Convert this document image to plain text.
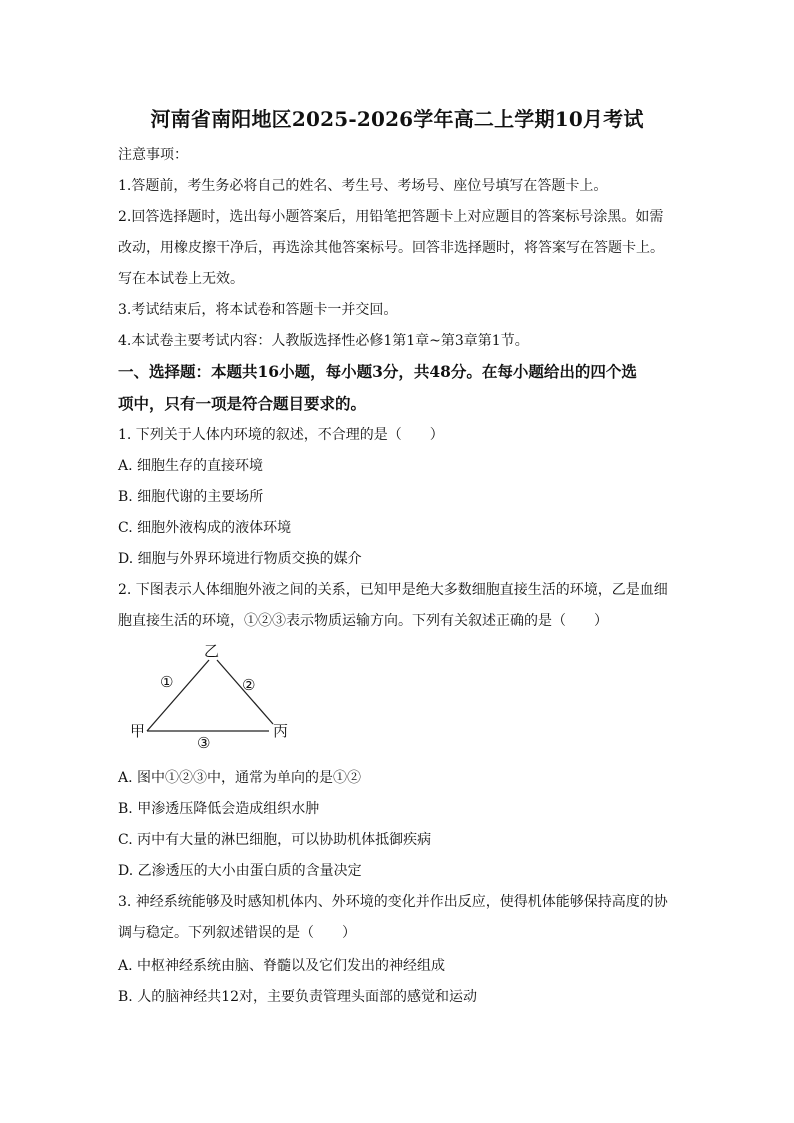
河南省南阳地区2025-2026学年高二上学期10月考试
注意事项：
1.答题前，考生务必将自己的姓名、考生号、考场号、座位号填写在答题卡上。
2.回答选择题时，选出每小题答案后，用铅笔把答题卡上对应题目的答案标号涂黑。如需
改动，用橡皮擦干净后，再选涂其他答案标号。回答非选择题时，将答案写在答题卡上。
写在本试卷上无效。
3.考试结束后，将本试卷和答题卡一并交回。
4.本试卷主要考试内容：人教版选择性必修1第1章~第3章第1节。
一、选择题：本题共16小题，每小题3分，共48分。在每小题给出的四个选
项中，只有一项是符合题目要求的。
1. 下列关于人体内环境的叙述，不合理的是（　　）
A. 细胞生存的直接环境
B. 细胞代谢的主要场所
C. 细胞外液构成的液体环境
D. 细胞与外界环境进行物质交换的媒介
2. 下图表示人体细胞外液之间的关系，已知甲是绝大多数细胞直接生活的环境，乙是血细
胞直接生活的环境，①②③表示物质运输方向。下列有关叙述正确的是（　　）
乙
甲	丙
①	②
③
A. 图中①②③中，通常为单向的是①②
B. 甲渗透压降低会造成组织水肿
C. 丙中有大量的淋巴细胞，可以协助机体抵御疾病
D. 乙渗透压的大小由蛋白质的含量决定
3. 神经系统能够及时感知机体内、外环境的变化并作出反应，使得机体能够保持高度的协
调与稳定。下列叙述错误的是（　　）
A. 中枢神经系统由脑、脊髓以及它们发出的神经组成
B. 人的脑神经共12对，主要负责管理头面部的感觉和运动
